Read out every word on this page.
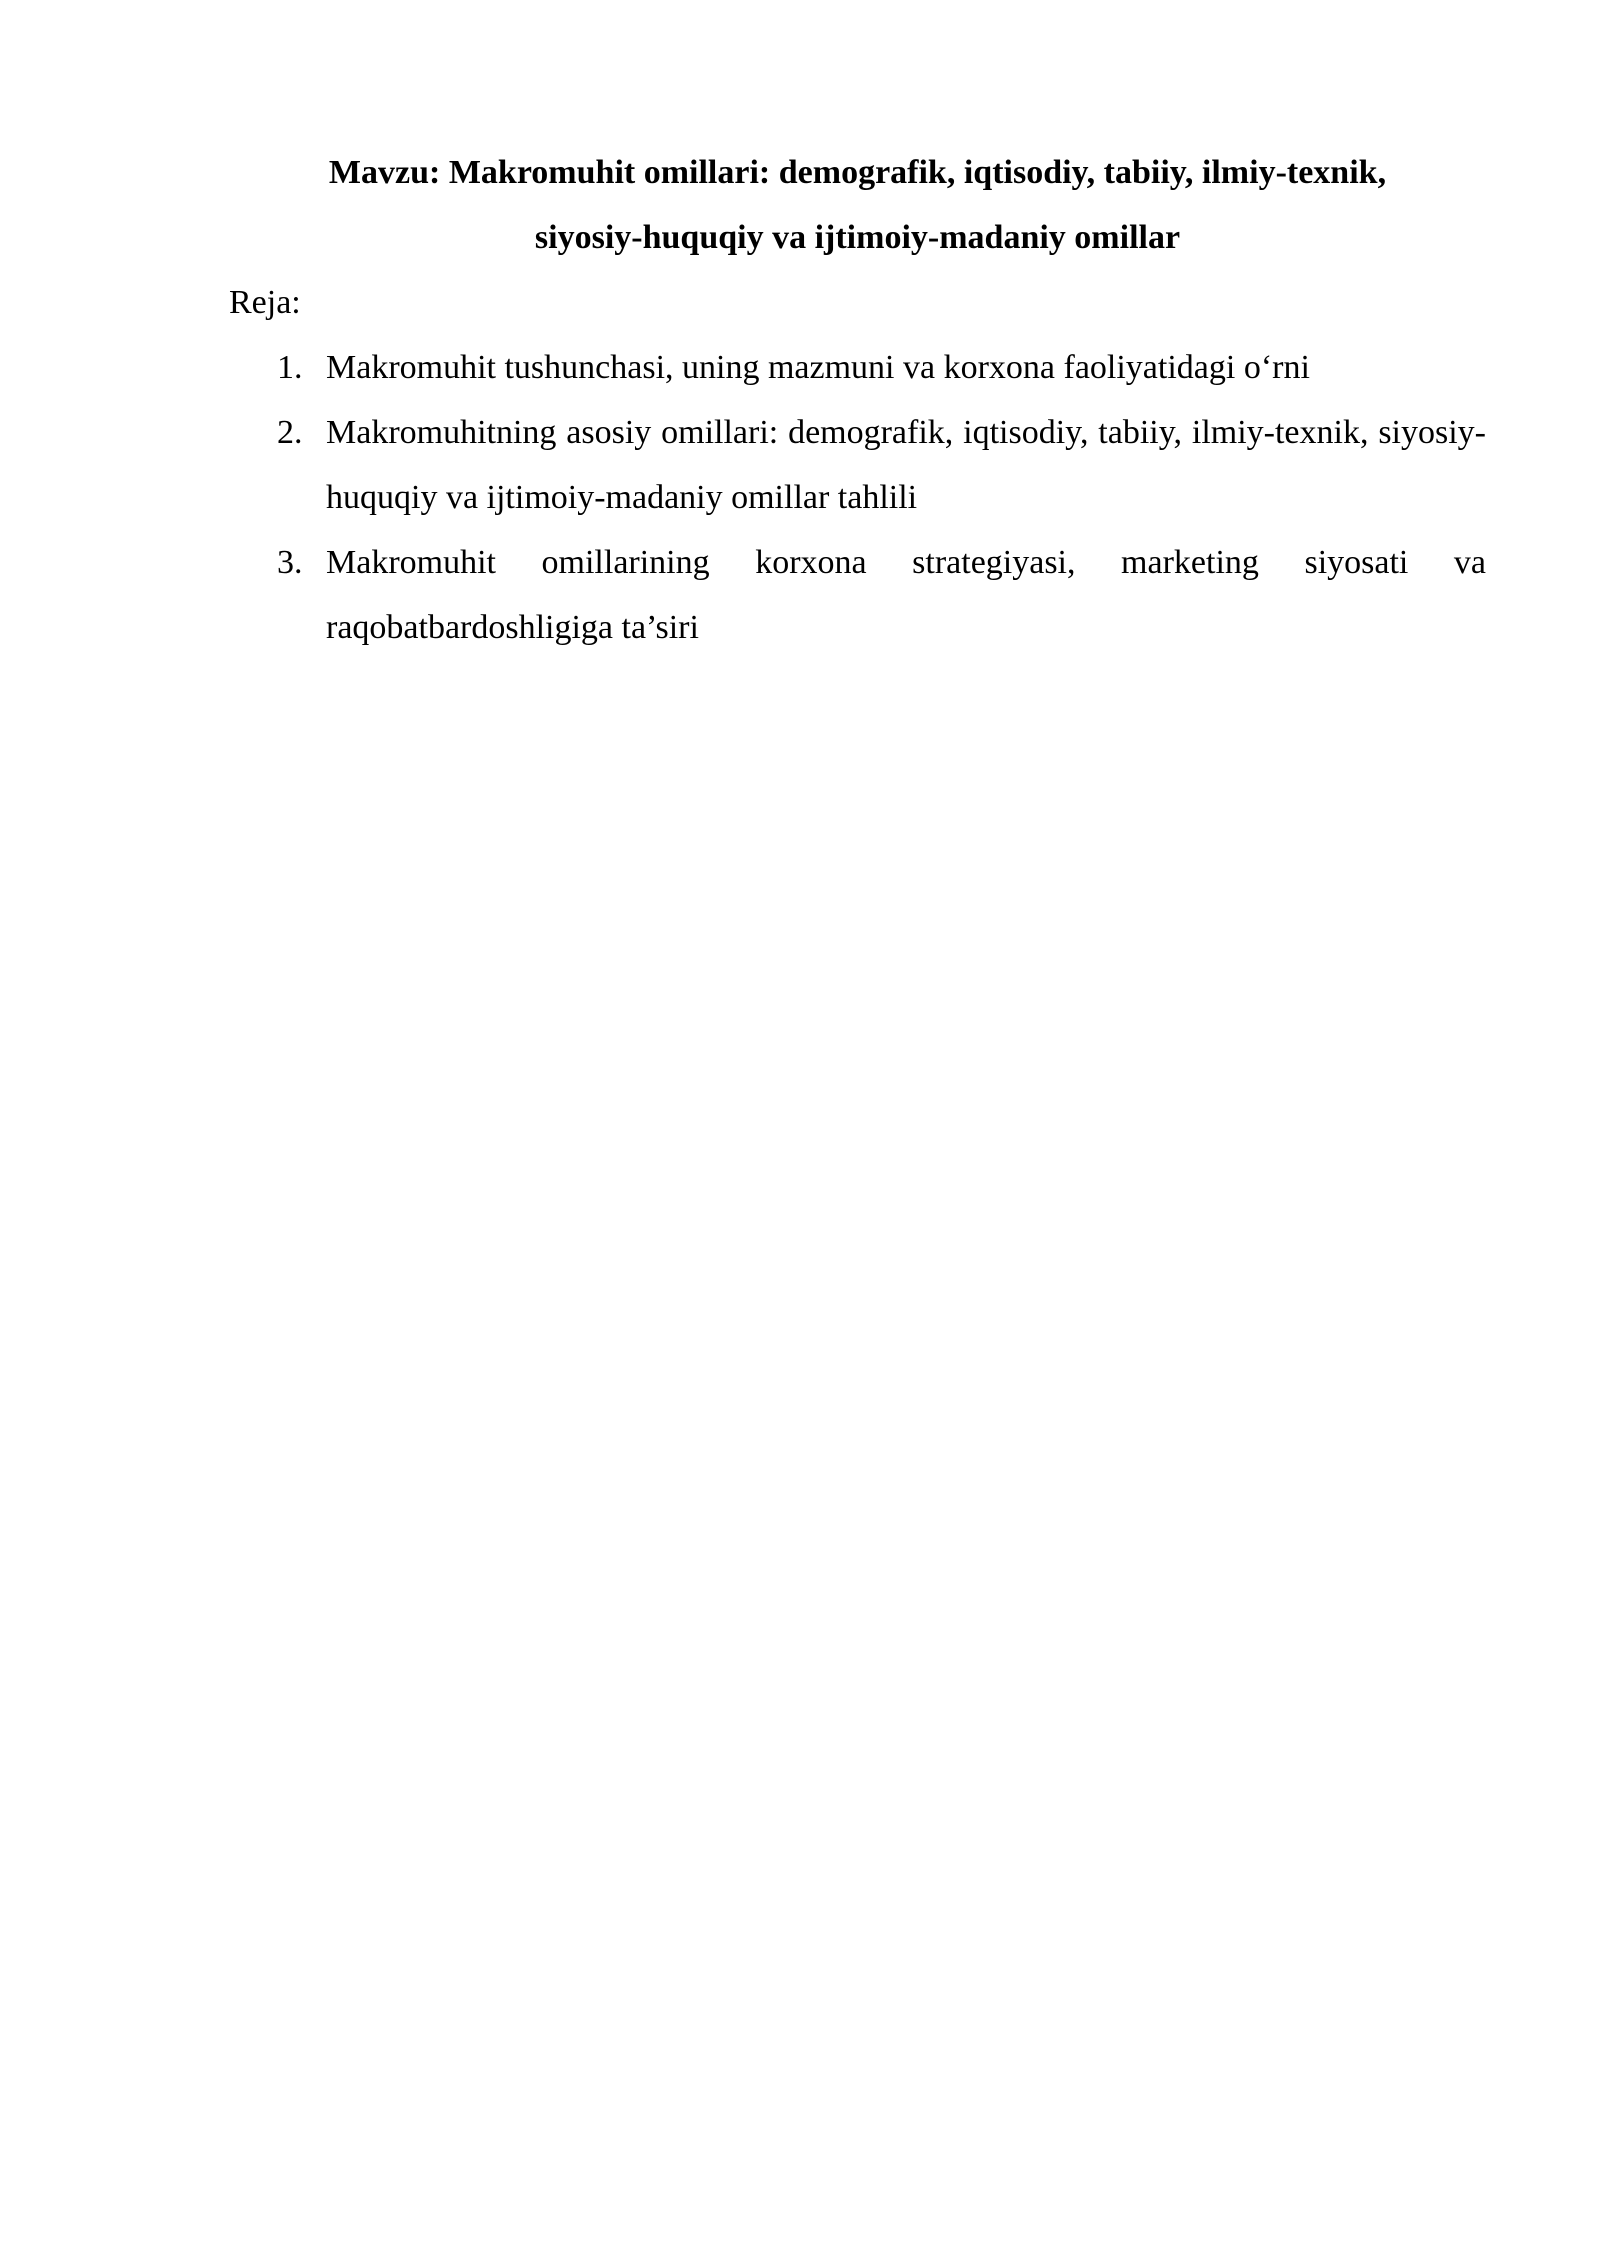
Mavzu: Makromuhit omillari: demografik, iqtisodiy, tabiiy, ilmiy-texnik,
siyosiy-huquqiy va ijtimoiy-madaniy omillar

Reja:

1. Makromuhit tushunchasi, uning mazmuni va korxona faoliyatidagi o‘rni
2. Makromuhitning asosiy omillari: demografik, iqtisodiy, tabiiy, ilmiy-texnik, siyosiy-huquqiy va ijtimoiy-madaniy omillar tahlili
3. Makromuhit omillarining korxona strategiyasi, marketing siyosati va raqobatbardoshligiga ta’siri
